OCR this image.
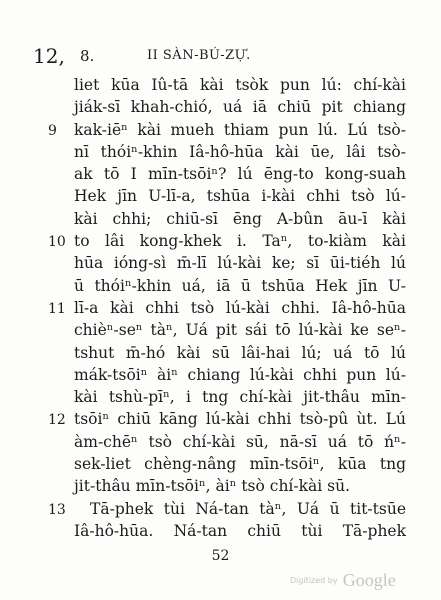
12, 8.	II SÀN-BÚ-ZỰ.
liet kūa Iû-tā kài tsòk pun lú: chí-kài
jiák-sī khah-chió, uá iā chiū pit chiang
9 kak-iēⁿ kài mueh thiam pun lú. Lú tsò-
nī thóiⁿ-khin Iâ-hô-hūa kài ūe, lâi tsò-
ak tō I mīn-tsōiⁿ? lú ēng-to kong-suah
Hek jīn U-lī-a, tshūa i-kài chhi tsò lú-
kài chhi; chiū-sī ēng A-bûn āu-ī kài
10 to lâi kong-khek i. Taⁿ, to-kiàm kài
hūa ióng-sì m̄-lī lú-kài ke; sī ūi-tiéh lú
ū thóiⁿ-khin uá, iā ū tshūa Hek jīn U-
11 lī-a kài chhi tsò lú-kài chhi. Iâ-hô-hūa
chièⁿ-seⁿ tàⁿ, Uá pit sái tō lú-kài ke seⁿ-
tshut m̄-hó kài sū lâi-hai lú; uá tō lú
mák-tsōiⁿ àiⁿ chiang lú-kài chhi pun lú-
kài tshù-pīⁿ, i tng chí-kài jit-thâu mīn-
12 tsōiⁿ chiū kāng lú-kài chhi tsò-pû ùt. Lú
àm-chēⁿ tsò chí-kài sū, nā-sī uá tō ńⁿ-
sek-liet chèng-nâng mīn-tsōiⁿ, kūa tng
jit-thâu mīn-tsōiⁿ, àiⁿ tsò chí-kài sū.
13 Tā-phek tùi Ná-tan tàⁿ, Uá ū tit-tsūe
Iâ-hô-hūa. Ná-tan chiū tùi Tā-phek
52
Digitized by Google
